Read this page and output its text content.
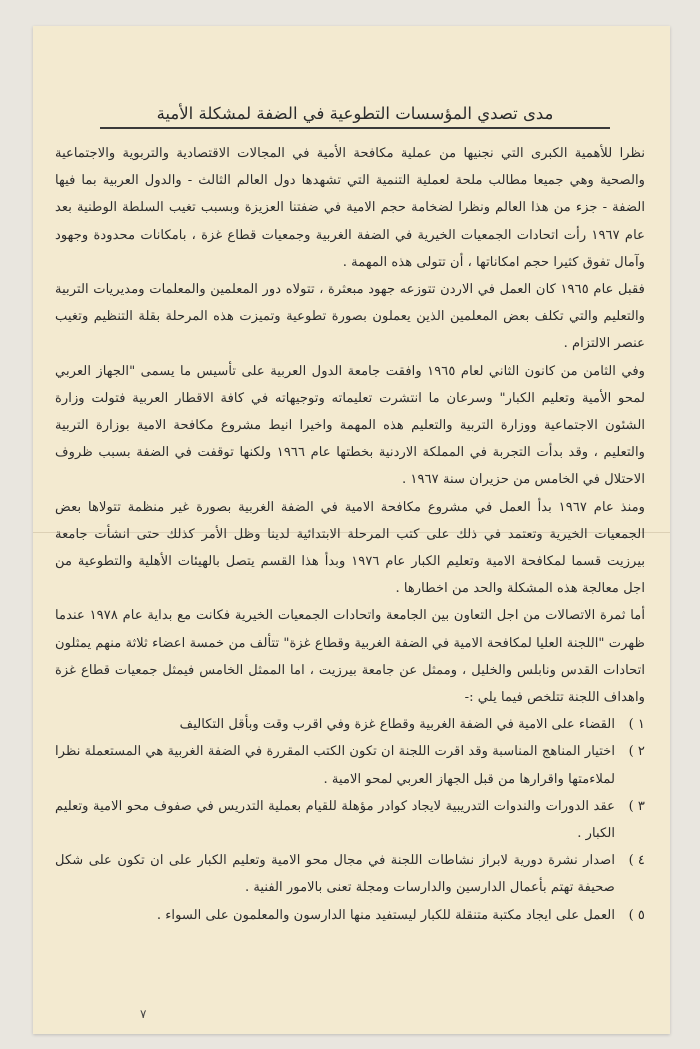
مدى تصدي المؤسسات التطوعية في الضفة لمشكلة الأمية

نظرا للأهمية الكبرى التي نجنيها من عملية مكافحة الأمية في المجالات الاقتصادية والتربوية والاجتماعية والصحية وهي جميعا مطالب ملحة لعملية التنمية التي تشهدها دول العالم الثالث - والدول العربية بما فيها الضفة - جزء من هذا العالم ونظرا لضخامة حجم الامية في ضفتنا العزيزة وبسبب تغيب السلطة الوطنية بعد عام ١٩٦٧ رأت اتحادات الجمعيات الخيرية في الضفة الغربية وجمعيات قطاع غزة ، بامكانات محدودة وجهود وآمال تفوق كثيرا حجم امكاناتها ، أن تتولى هذه المهمة .

فقبل عام ١٩٦٥ كان العمل في الاردن تتوزعه جهود مبعثرة ، تتولاه دور المعلمين والمعلمات ومديريات التربية والتعليم والتي تكلف بعض المعلمين الذين يعملون بصورة تطوعية وتميزت هذه المرحلة بقلة التنظيم وتغيب عنصر الالتزام .

وفي الثامن من كانون الثاني لعام ١٩٦٥ وافقت جامعة الدول العربية على تأسيس ما يسمى "الجهاز العربي لمحو الأمية وتعليم الكبار" وسرعان ما انتشرت تعليماته وتوجيهاته في كافة الاقطار العربية فتولت وزارة الشئون الاجتماعية ووزارة التربية والتعليم هذه المهمة واخيرا انيط مشروع مكافحة الامية بوزارة التربية والتعليم ، وقد بدأت التجربة في المملكة الاردنية بخطتها عام ١٩٦٦ ولكنها توقفت في الضفة بسبب ظروف الاحتلال في الخامس من حزيران سنة ١٩٦٧ .

ومنذ عام ١٩٦٧ بدأ العمل في مشروع مكافحة الامية في الضفة الغربية بصورة غير منظمة تتولاها بعض الجمعيات الخيرية وتعتمد في ذلك على كتب المرحلة الابتدائية لدينا وظل الأمر كذلك حتى انشأت جامعة بيرزيت قسما لمكافحة الامية وتعليم الكبار عام ١٩٧٦ وبدأ هذا القسم يتصل بالهيئات الأهلية والتطوعية من اجل معالجة هذه المشكلة والحد من اخطارها .

أما ثمرة الاتصالات من اجل التعاون بين الجامعة واتحادات الجمعيات الخيرية فكانت مع بداية عام ١٩٧٨ عندما ظهرت "اللجنة العليا لمكافحة الامية في الضفة الغربية وقطاع غزة" تتألف من خمسة اعضاء ثلاثة منهم يمثلون اتحادات القدس ونابلس والخليل ، وممثل عن جامعة بيرزيت ، اما الممثل الخامس فيمثل جمعيات قطاع غزة واهداف اللجنة تتلخص فيما يلي :-

١ )
القضاء على الامية في الضفة الغربية وقطاع غزة وفي اقرب وقت وبأقل التكاليف
٢ )
اختيار المناهج المناسبة وقد اقرت اللجنة ان تكون الكتب المقررة في الضفة الغربية هي المستعملة نظرا لملاءمتها واقرارها من قبل الجهاز العربي لمحو الامية .
٣ )
عقد الدورات والندوات التدريبية لايجاد كوادر مؤهلة للقيام بعملية التدريس في صفوف محو الامية وتعليم الكبار .
٤ )
اصدار نشرة دورية لابراز نشاطات اللجنة في مجال محو الامية وتعليم الكبار على ان تكون على شكل صحيفة تهتم بأعمال الدارسين والدارسات ومجلة تعنى بالامور الفنية .
٥ )
العمل على ايجاد مكتبة متنقلة للكبار ليستفيد منها الدارسون والمعلمون على السواء .
٧
